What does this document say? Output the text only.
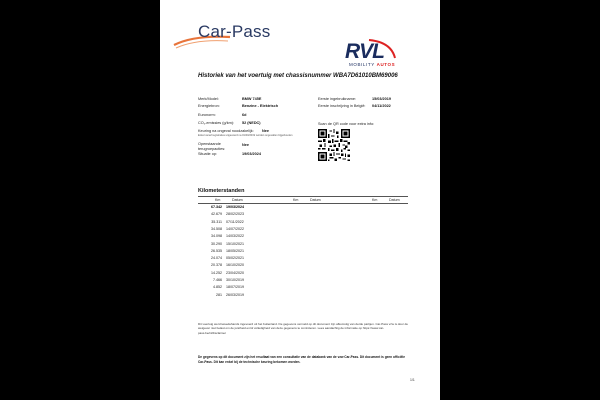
Car-Pass
RVL
MOBILITY AUTOS
Historiek van het voertuig met chassisnummer WBA7D61010BM69006
Merk/Model:	BMW 745E
Energiebron:	Benzine - Elektrisch
Euronorm:	6d
CO₂-emissies (g/km): 52 (NEDC)
Keuring na ongeval noodzakelijk: Nee
Enkel vanaf registraties uitgevoerd na 01/03/2019 worden ongevallen bijgehouden
Openstaande
terugroepacties:
Nee
Situatie op:	19/03/2024
Eerste ingebruikname:	15/03/2019
Eerste inschrijving in België: 04/11/2022
Scan de QR code voor extra info:
Kilometerstanden
Km	Datum	Km	Datum	Km	Datum
67.342 19/03/2024
42.679 28/02/2023
35.311 07/11/2022
34.508 14/07/2022
34.098 14/03/2022
30.290 15/10/2021
26.535 18/05/2021
24.074 05/02/2021
20.378 16/10/2020
14.252 23/04/2020
7.466 30/10/2019
4.852 18/07/2019
281 26/03/2019
Dit voertuig werd tweedehands ingevoerd uit het buitenland. De gegevens vermeld op dit document zijn afkomstig van derde partijen. Car-Pass vzw is door de wetgever niet belast om de juistheid en/of volledigheid van deze gegevens te controleren. Lees aandachtig de informatie op https://www.car-pass.be/nl/disclaimer
De gegevens op dit document zijn het resultaat van een consultatie van de databank van de vzw Car-Pass. Dit document is geen officiële Car-Pass. Dit kan enkel bij de technische keuring bekomen worden.
1/1
